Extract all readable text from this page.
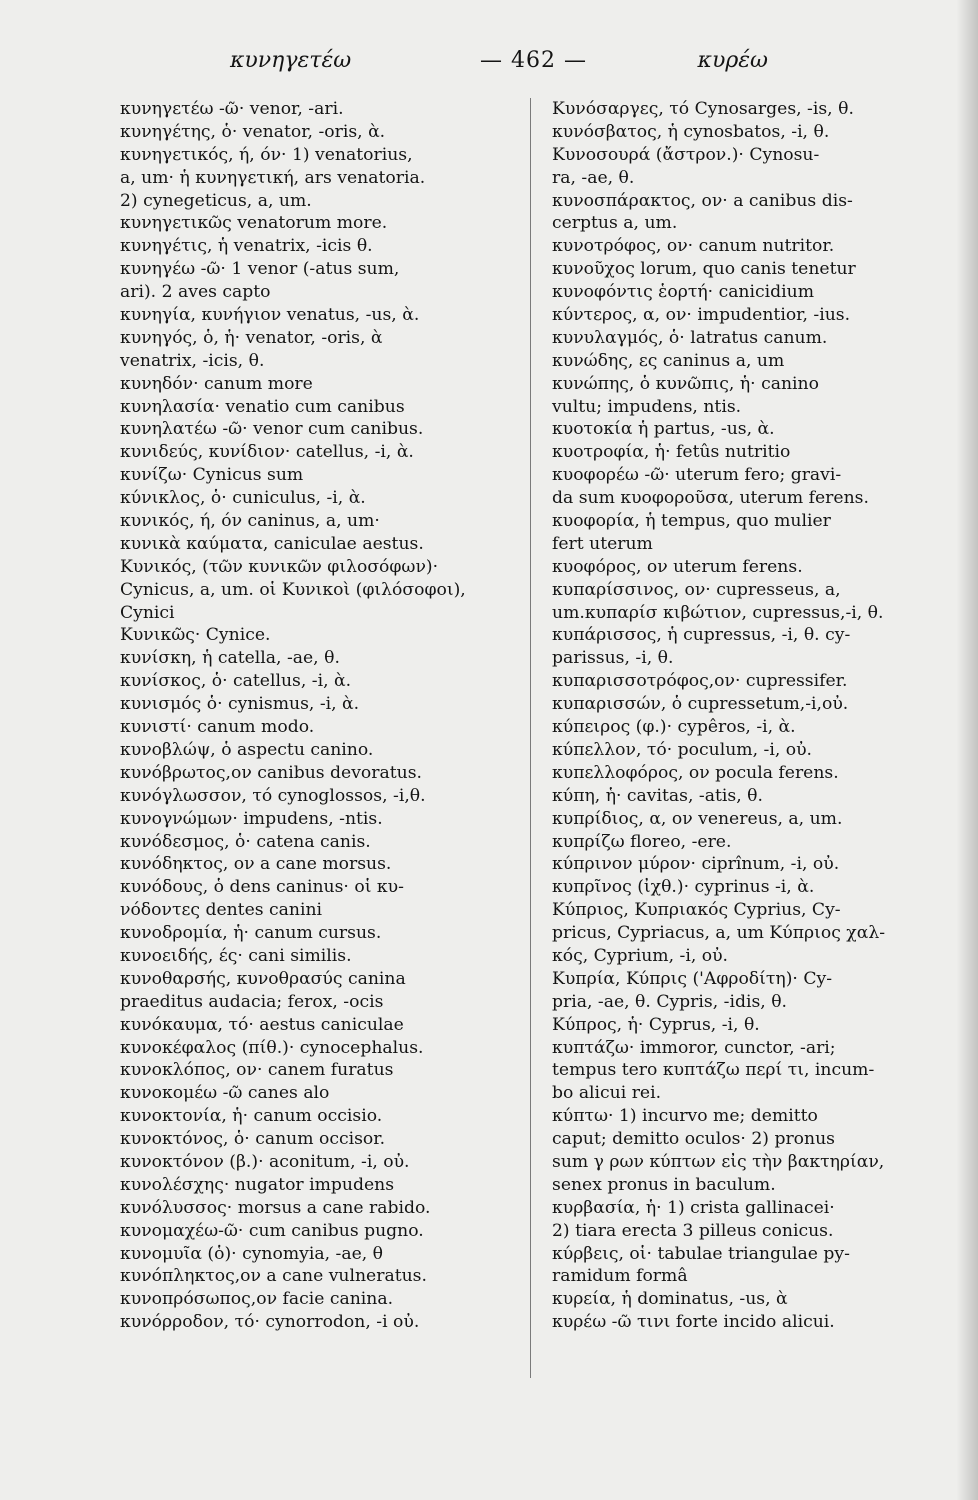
κυνηγετέω	— 462 —	κυρέω
κυνηγετέω -ῶ· venor, -ari.
κυνηγέτης, ὁ· venator, -oris, ὰ.
κυνηγετικός, ή, όν· 1) venatorius,
a, um· ἡ κυνηγετική, ars venatoria.
2) cynegeticus, a, um.
κυνηγετικῶς venatorum more.
κυνηγέτις, ἡ venatrix, -icis θ.
κυνηγέω -ῶ· 1 venor (-atus sum,
ari). 2 aves capto
κυνηγία, κυνήγιον venatus, -us, ὰ.
κυνηγός, ὁ, ἡ· venator, -oris, ὰ
venatrix, -icis, θ.
κυνηδόν· canum more
κυνηλασία· venatio cum canibus
κυνηλατέω -ῶ· venor cum canibus.
κυνιδεύς, κυνίδιον· catellus, -i, ὰ.
κυνίζω· Cynicus sum
κύνικλος, ὁ· cuniculus, -i, ὰ.
κυνικός, ή, όν caninus, a, um·
κυνικὰ καύματα, caniculae aestus.
Κυνικός, (τῶν κυνικῶν φιλοσόφων)·
Cynicus, a, um. οἱ Κυνικοὶ (φιλόσοφοι),
Cynici
Κυνικῶς· Cynice.
κυνίσκη, ἡ catella, -ae, θ.
κυνίσκος, ὁ· catellus, -i, ὰ.
κυνισμός ὁ· cynismus, -i, ὰ.
κυνιστί· canum modo.
κυνοβλώψ, ὁ aspectu canino.
κυνόβρωτος,ον canibus devoratus.
κυνόγλωσσον, τό cynoglossos, -i,θ.
κυνογνώμων· impudens, -ntis.
κυνόδεσμος, ὁ· catena canis.
κυνόδηκτος, ον a cane morsus.
κυνόδους, ὁ dens caninus· οἱ κυ-
νόδοντες dentes canini
κυνοδρομία, ἡ· canum cursus.
κυνοειδής, ές· cani similis.
κυνοθαρσής, κυνοθρασύς canina
praeditus audacia; ferox, -ocis
κυνόκαυμα, τό· aestus caniculae
κυνοκέφαλος (πίθ.)· cynocephalus.
κυνοκλόπος, ον· canem furatus
κυνοκομέω -ῶ canes alo
κυνοκτονία, ἡ· canum occisio.
κυνοκτόνος, ὁ· canum occisor.
κυνοκτόνον (β.)· aconitum, -i, οὐ.
κυνολέσχης· nugator impudens
κυνόλυσσος· morsus a cane rabido.
κυνομαχέω-ῶ· cum canibus pugno.
κυνομυῖα (ὁ)· cynomyia, -ae, θ
κυνόπληκτος,ον a cane vulneratus.
κυνοπρόσωπος,ον facie canina.
κυνόρροδον, τό· cynorrodon, -i οὐ.
Κυνόσαργες, τό Cynosarges, -is, θ.
κυνόσβατος, ἡ cynosbatos, -i, θ.
Κυνοσουρά (ἄστρον.)· Cynosu-
ra, -ae, θ.
κυνοσπάρακτος, ον· a canibus dis-
cerptus a, um.
κυνοτρόφος, ον· canum nutritor.
κυνοῦχος lorum, quo canis tenetur
κυνοφόντις ἑορτή· canicidium
κύντερος, α, ον· impudentior, -ius.
κυνυλαγμός, ὁ· latratus canum.
κυνώδης, ες caninus a, um
κυνώπης, ὁ κυνῶπις, ἡ· canino
vultu; impudens, ntis.
κυοτοκία ἡ partus, -us, ὰ.
κυοτροφία, ἡ· fetûs nutritio
κυοφορέω -ῶ· uterum fero; gravi-
da sum κυοφοροῦσα, uterum ferens.
κυοφορία, ἡ tempus, quo mulier
fert uterum
κυοφόρος, ον uterum ferens.
κυπαρίσσινος, ον· cupresseus, a,
um.κυπαρίσ κιβώτιον, cupressus,-i, θ.
κυπάρισσος, ἡ cupressus, -i, θ. cy-
parissus, -i, θ.
κυπαρισσοτρόφος,ον· cupressifer.
κυπαρισσών, ὁ cupressetum,-i,οὐ.
κύπειρος (φ.)· cypêros, -i, ὰ.
κύπελλον, τό· poculum, -i, οὐ.
κυπελλοφόρος, ον pocula ferens.
κύπη, ἡ· cavitas, -atis, θ.
κυπρίδιος, α, ον venereus, a, um.
κυπρίζω floreo, -ere.
κύπρινον μύρον· ciprînum, -i, οὐ.
κυπρῖνος (ἰχθ.)· cyprinus -i, ὰ.
Κύπριος, Κυπριακός Cyprius, Cy-
pricus, Cypriacus, a, um Κύπριος χαλ-
κός, Cyprium, -i, οὐ.
Κυπρία, Κύπρις ('Αφροδίτη)· Cy-
pria, -ae, θ. Cypris, -idis, θ.
Κύπρος, ἡ· Cyprus, -i, θ.
κυπτάζω· immoror, cunctor, -ari;
tempus tero κυπτάζω περί τι, incum-
bo alicui rei.
κύπτω· 1) incurvo me; demitto
caput; demitto oculos· 2) pronus
sum γ ρων κύπτων εἰς τὴν βακτηρίαν,
senex pronus in baculum.
κυρβασία, ἡ· 1) crista gallinacei·
2) tiara erecta 3 pilleus conicus.
κύρβεις, οἱ· tabulae triangulae py-
ramidum formâ
κυρεία, ἡ dominatus, -us, ὰ
κυρέω -ῶ τινι forte incido alicui.
